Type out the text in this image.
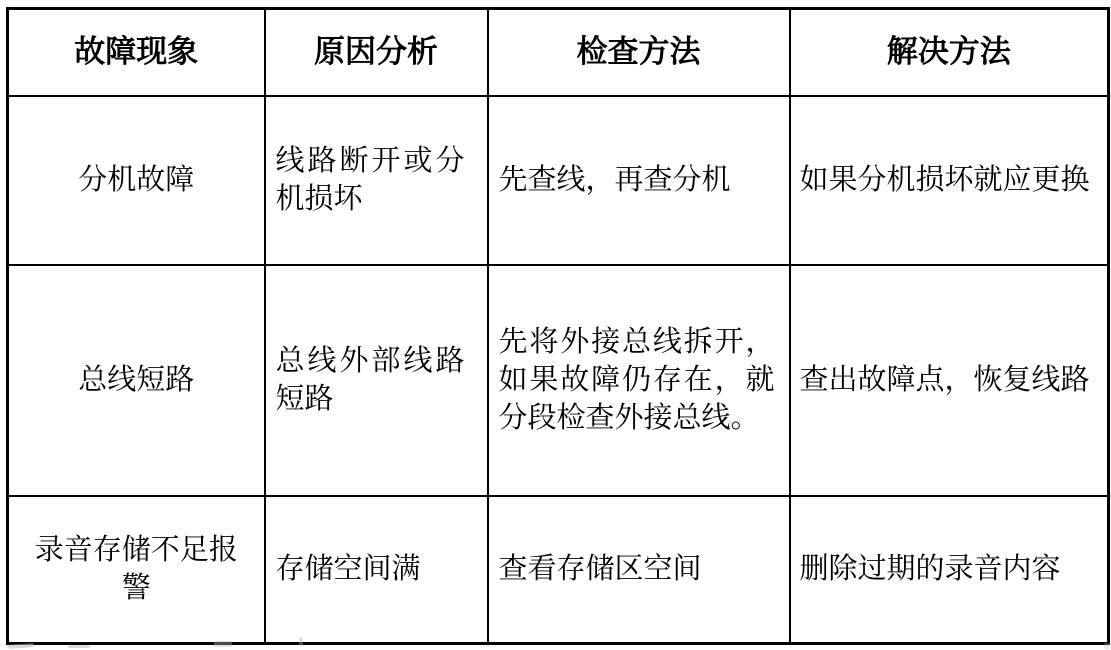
故障现象	原因分析	检查方法	解决方法
分机故障	线路断开或分机损坏	先查线，再查分机	如果分机损坏就应更换
总线短路	总线外部线路短路	先将外接总线拆开，如果故障仍存在，就分段检查外接总线。	查出故障点，恢复线路
录音存储不足报警	存储空间满	查看存储区空间	删除过期的录音内容
